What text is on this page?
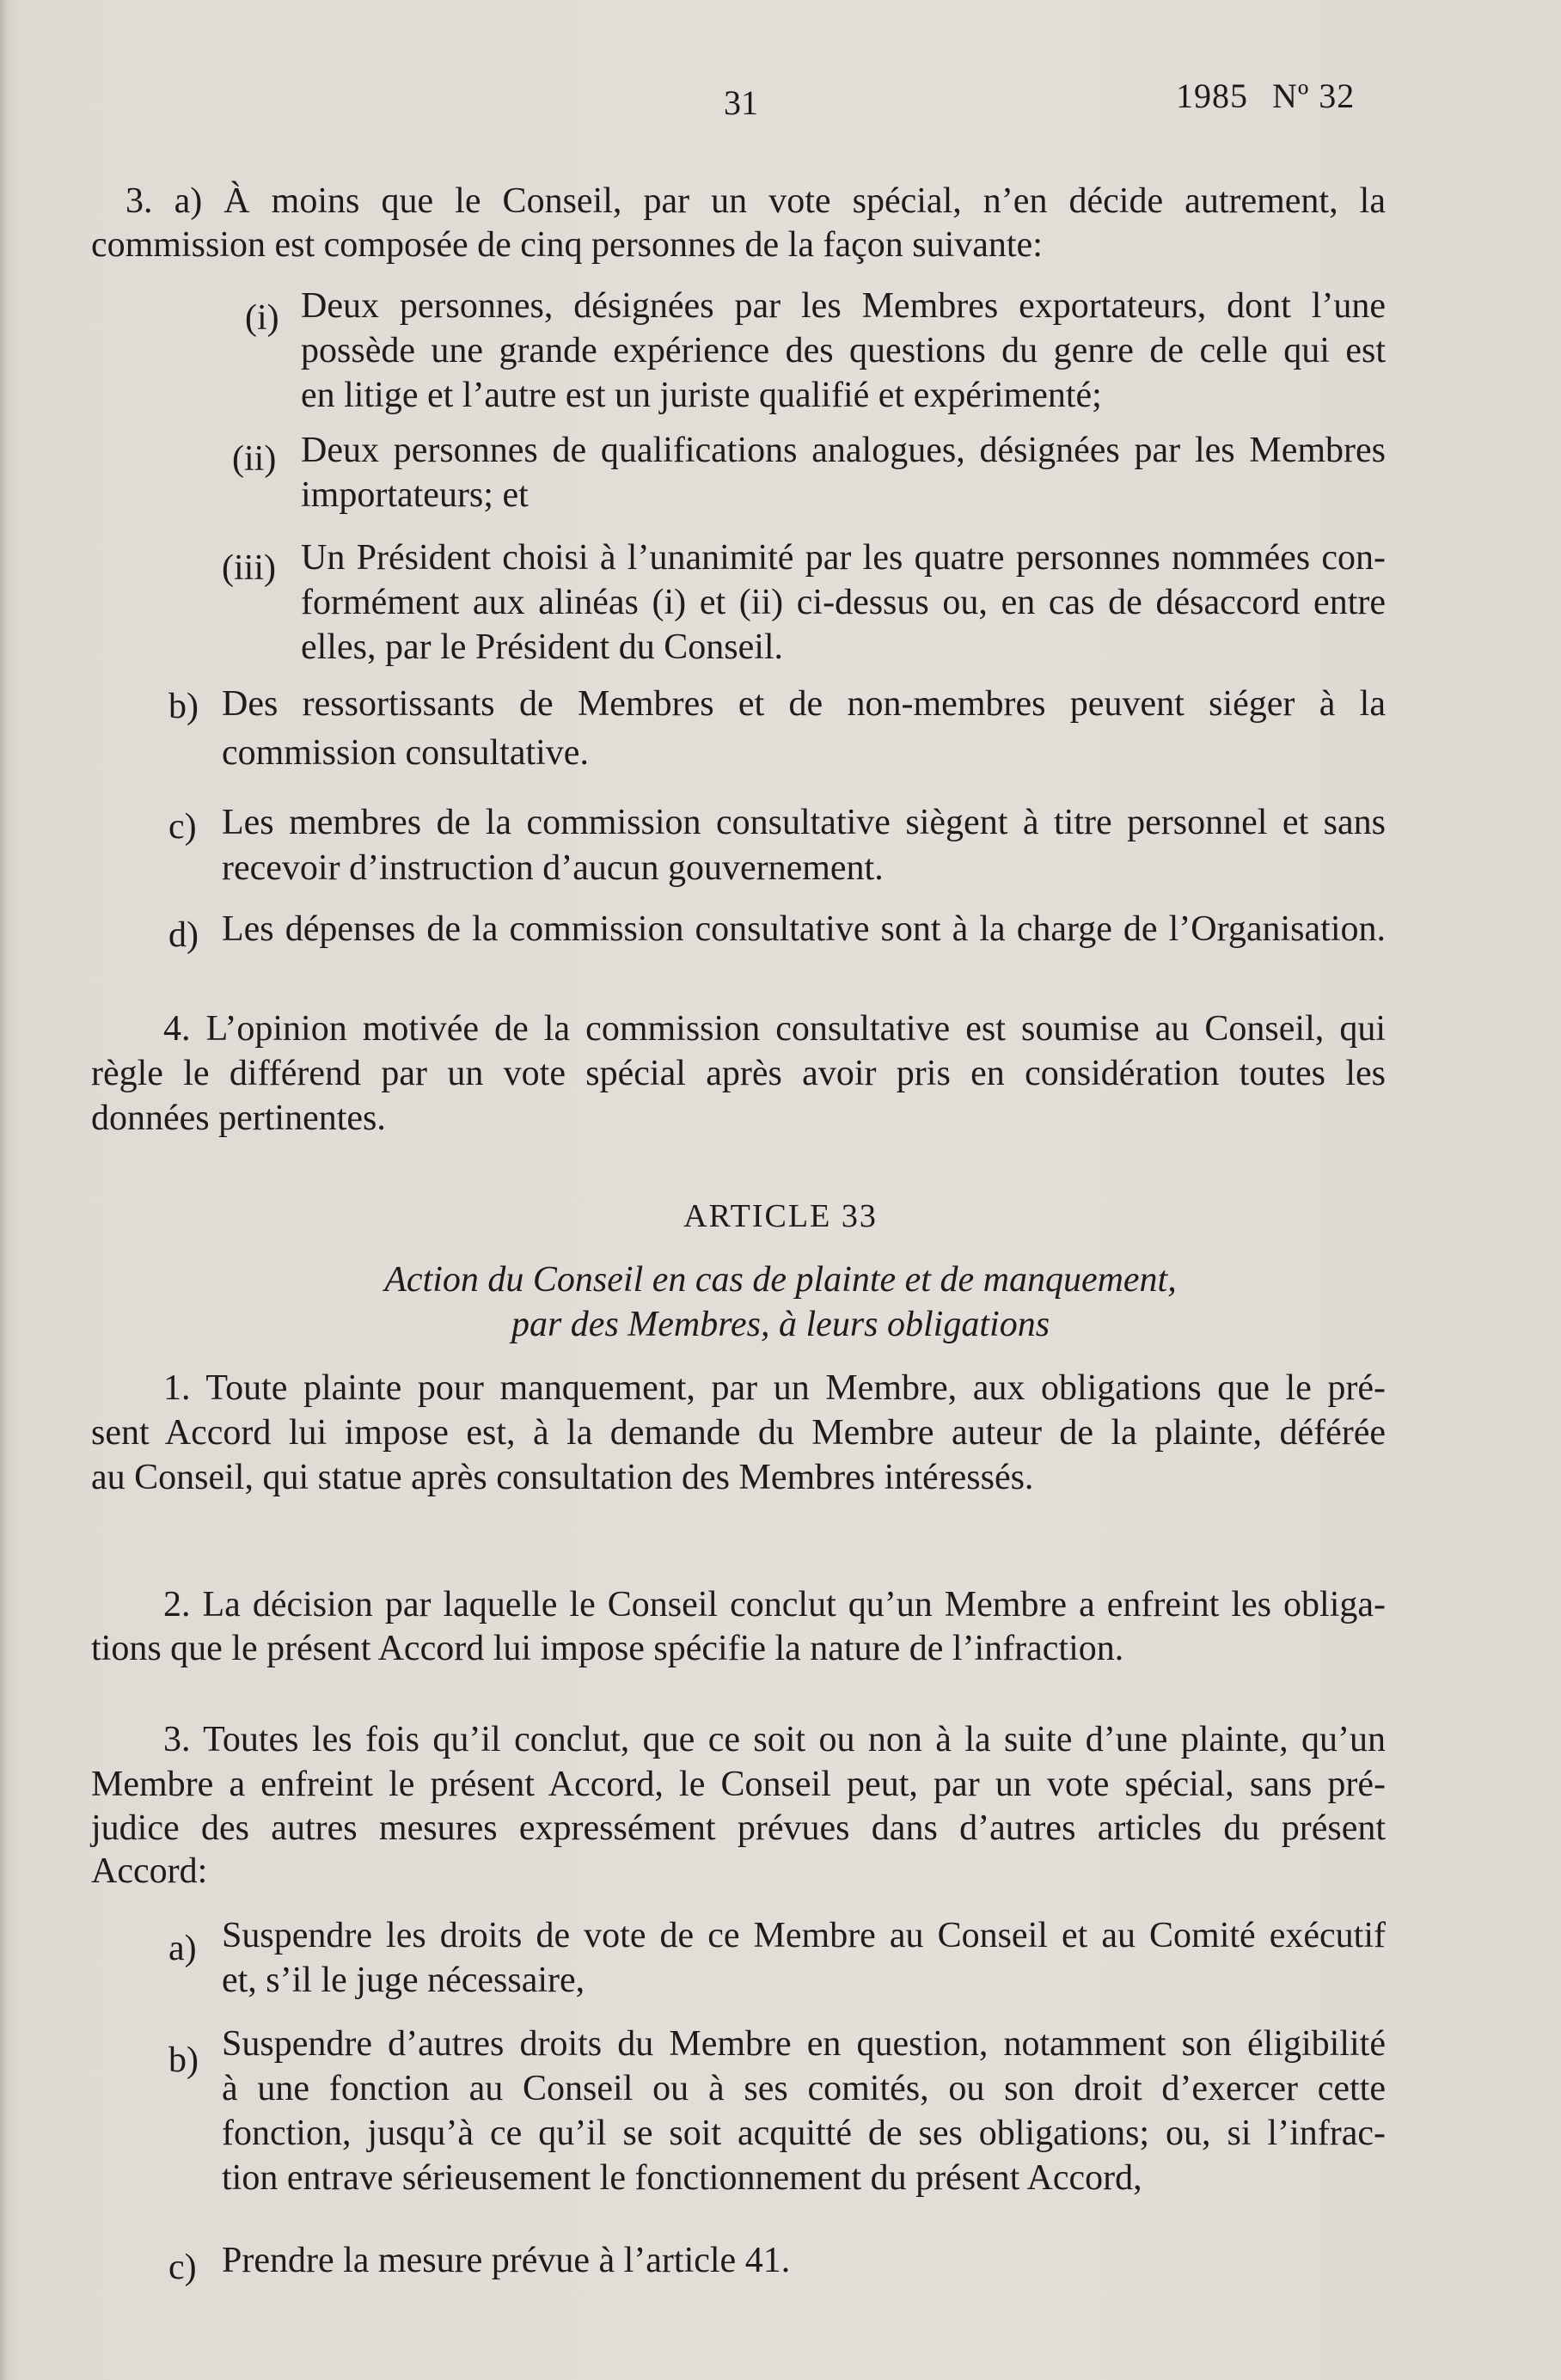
31	1985 Nº 32
3. a) À moins que le Conseil, par un vote spécial, n’en décide autrement, la
commission est composée de cinq personnes de la façon suivante:
(i) Deux personnes, désignées par les Membres exportateurs, dont l’une
possède une grande expérience des questions du genre de celle qui est
en litige et l’autre est un juriste qualifié et expérimenté;
(ii) Deux personnes de qualifications analogues, désignées par les Membres
importateurs; et
(iii) Un Président choisi à l’unanimité par les quatre personnes nommées con-
formément aux alinéas (i) et (ii) ci-dessus ou, en cas de désaccord entre
elles, par le Président du Conseil.
b) Des ressortissants de Membres et de non-membres peuvent siéger à la
commission consultative.
c) Les membres de la commission consultative siègent à titre personnel et sans
recevoir d’instruction d’aucun gouvernement.
d) Les dépenses de la commission consultative sont à la charge de l’Organisation.
4. L’opinion motivée de la commission consultative est soumise au Conseil, qui
règle le différend par un vote spécial après avoir pris en considération toutes les
données pertinentes.
ARTICLE 33
Action du Conseil en cas de plainte et de manquement,
par des Membres, à leurs obligations
1. Toute plainte pour manquement, par un Membre, aux obligations que le pré-
sent Accord lui impose est, à la demande du Membre auteur de la plainte, déférée
au Conseil, qui statue après consultation des Membres intéressés.
2. La décision par laquelle le Conseil conclut qu’un Membre a enfreint les obliga-
tions que le présent Accord lui impose spécifie la nature de l’infraction.
3. Toutes les fois qu’il conclut, que ce soit ou non à la suite d’une plainte, qu’un
Membre a enfreint le présent Accord, le Conseil peut, par un vote spécial, sans pré-
judice des autres mesures expressément prévues dans d’autres articles du présent
Accord:
a) Suspendre les droits de vote de ce Membre au Conseil et au Comité exécutif
et, s’il le juge nécessaire,
b) Suspendre d’autres droits du Membre en question, notamment son éligibilité
à une fonction au Conseil ou à ses comités, ou son droit d’exercer cette
fonction, jusqu’à ce qu’il se soit acquitté de ses obligations; ou, si l’infrac-
tion entrave sérieusement le fonctionnement du présent Accord,
c) Prendre la mesure prévue à l’article 41.
